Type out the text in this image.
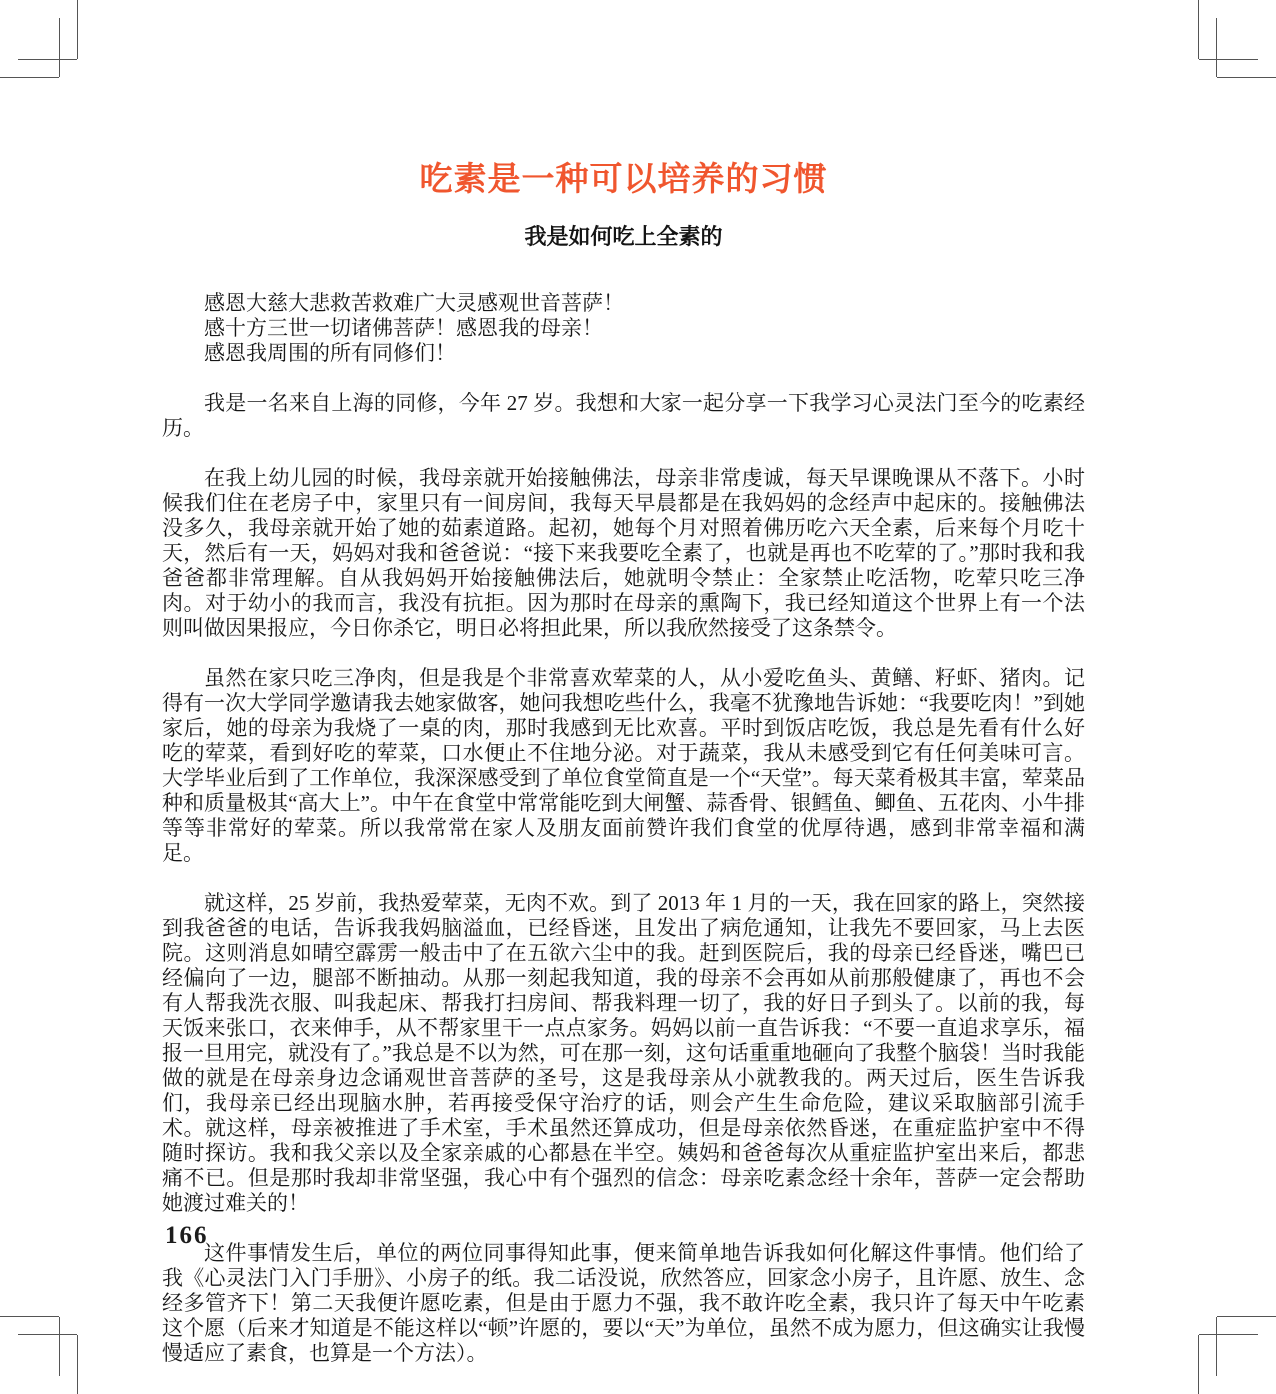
吃素是一种可以培养的习惯
我是如何吃上全素的

感恩大慈大悲救苦救难广大灵感观世音菩萨！

感十方三世一切诸佛菩萨！感恩我的母亲！

感恩我周围的所有同修们！

我是一名来自上海的同修，今年 27 岁。我想和大家一起分享一下我学习心灵法门至今的吃素经历。

在我上幼儿园的时候，我母亲就开始接触佛法，母亲非常虔诚，每天早课晚课从不落下。小时候我们住在老房子中，家里只有一间房间，我每天早晨都是在我妈妈的念经声中起床的。接触佛法没多久，我母亲就开始了她的茹素道路。起初，她每个月对照着佛历吃六天全素，后来每个月吃十天，然后有一天，妈妈对我和爸爸说：“接下来我要吃全素了，也就是再也不吃荤的了。”那时我和我爸爸都非常理解。自从我妈妈开始接触佛法后，她就明令禁止：全家禁止吃活物，吃荤只吃三净肉。对于幼小的我而言，我没有抗拒。因为那时在母亲的熏陶下，我已经知道这个世界上有一个法则叫做因果报应，今日你杀它，明日必将担此果，所以我欣然接受了这条禁令。

虽然在家只吃三净肉，但是我是个非常喜欢荤菜的人，从小爱吃鱼头、黄鳝、籽虾、猪肉。记得有一次大学同学邀请我去她家做客，她问我想吃些什么，我毫不犹豫地告诉她：“我要吃肉！”到她家后，她的母亲为我烧了一桌的肉，那时我感到无比欢喜。平时到饭店吃饭，我总是先看有什么好吃的荤菜，看到好吃的荤菜，口水便止不住地分泌。对于蔬菜，我从未感受到它有任何美味可言。大学毕业后到了工作单位，我深深感受到了单位食堂简直是一个“天堂”。每天菜肴极其丰富，荤菜品种和质量极其“高大上”。中午在食堂中常常能吃到大闸蟹、蒜香骨、银鳕鱼、鲫鱼、五花肉、小牛排等等非常好的荤菜。所以我常常在家人及朋友面前赞许我们食堂的优厚待遇，感到非常幸福和满足。

就这样，25 岁前，我热爱荤菜，无肉不欢。到了 2013 年 1 月的一天，我在回家的路上，突然接到我爸爸的电话，告诉我我妈脑溢血，已经昏迷，且发出了病危通知，让我先不要回家，马上去医院。这则消息如晴空霹雳一般击中了在五欲六尘中的我。赶到医院后，我的母亲已经昏迷，嘴巴已经偏向了一边，腿部不断抽动。从那一刻起我知道，我的母亲不会再如从前那般健康了，再也不会有人帮我洗衣服、叫我起床、帮我打扫房间、帮我料理一切了，我的好日子到头了。以前的我，每天饭来张口，衣来伸手，从不帮家里干一点点家务。妈妈以前一直告诉我：“不要一直追求享乐，福报一旦用完，就没有了。”我总是不以为然，可在那一刻，这句话重重地砸向了我整个脑袋！当时我能做的就是在母亲身边念诵观世音菩萨的圣号，这是我母亲从小就教我的。两天过后，医生告诉我们，我母亲已经出现脑水肿，若再接受保守治疗的话，则会产生生命危险，建议采取脑部引流手术。就这样，母亲被推进了手术室，手术虽然还算成功，但是母亲依然昏迷，在重症监护室中不得随时探访。我和我父亲以及全家亲戚的心都悬在半空。姨妈和爸爸每次从重症监护室出来后，都悲痛不已。但是那时我却非常坚强，我心中有个强烈的信念：母亲吃素念经十余年，菩萨一定会帮助她渡过难关的！

这件事情发生后，单位的两位同事得知此事，便来简单地告诉我如何化解这件事情。他们给了我《心灵法门入门手册》、小房子的纸。我二话没说，欣然答应，回家念小房子，且许愿、放生、念经多管齐下！第二天我便许愿吃素，但是由于愿力不强，我不敢许吃全素，我只许了每天中午吃素这个愿（后来才知道是不能这样以“顿”许愿的，要以“天”为单位，虽然不成为愿力，但这确实让我慢慢适应了素食，也算是一个方法）。

166
